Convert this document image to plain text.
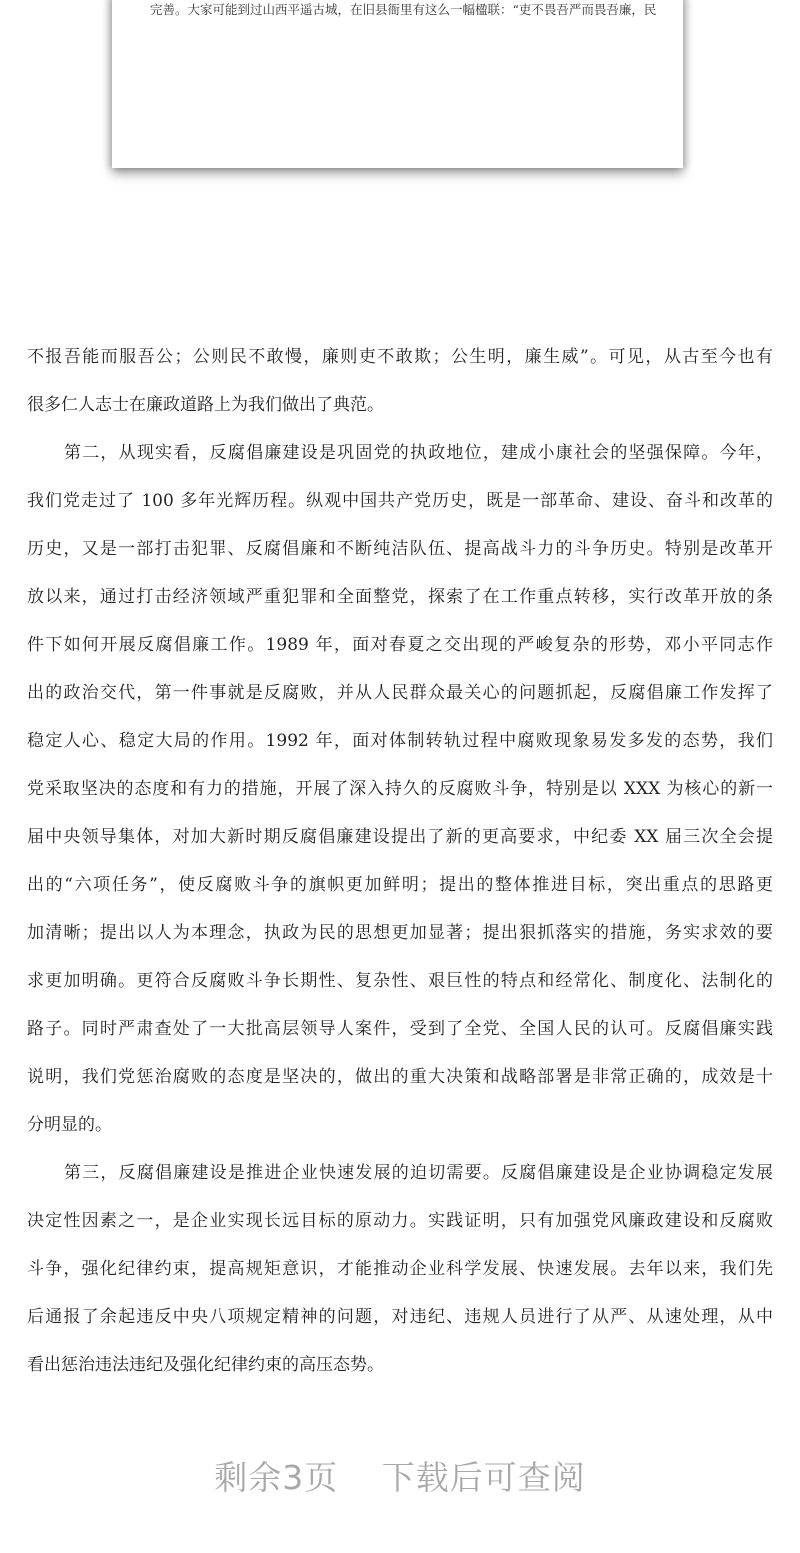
完善。大家可能到过山西平遥古城，在旧县衙里有这么一幅楹联：“吏不畏吾严而畏吾廉，民
不报吾能而服吾公；公则民不敢慢，廉则吏不敢欺；公生明，廉生威”。可见，从古至今也有
很多仁人志士在廉政道路上为我们做出了典范。
第二，从现实看，反腐倡廉建设是巩固党的执政地位，建成小康社会的坚强保障。今年，
我们党走过了 100 多年光辉历程。纵观中国共产党历史，既是一部革命、建设、奋斗和改革的
历史，又是一部打击犯罪、反腐倡廉和不断纯洁队伍、提高战斗力的斗争历史。特别是改革开
放以来，通过打击经济领域严重犯罪和全面整党，探索了在工作重点转移，实行改革开放的条
件下如何开展反腐倡廉工作。1989 年，面对春夏之交出现的严峻复杂的形势，邓小平同志作
出的政治交代，第一件事就是反腐败，并从人民群众最关心的问题抓起，反腐倡廉工作发挥了
稳定人心、稳定大局的作用。1992 年，面对体制转轨过程中腐败现象易发多发的态势，我们
党采取坚决的态度和有力的措施，开展了深入持久的反腐败斗争，特别是以 XXX 为核心的新一
届中央领导集体，对加大新时期反腐倡廉建设提出了新的更高要求，中纪委 XX 届三次全会提
出的“六项任务”，使反腐败斗争的旗帜更加鲜明；提出的整体推进目标，突出重点的思路更
加清晰；提出以人为本理念，执政为民的思想更加显著；提出狠抓落实的措施，务实求效的要
求更加明确。更符合反腐败斗争长期性、复杂性、艰巨性的特点和经常化、制度化、法制化的
路子。同时严肃查处了一大批高层领导人案件，受到了全党、全国人民的认可。反腐倡廉实践
说明，我们党惩治腐败的态度是坚决的，做出的重大决策和战略部署是非常正确的，成效是十
分明显的。
第三，反腐倡廉建设是推进企业快速发展的迫切需要。反腐倡廉建设是企业协调稳定发展
决定性因素之一，是企业实现长远目标的原动力。实践证明，只有加强党风廉政建设和反腐败
斗争，强化纪律约束，提高规矩意识，才能推动企业科学发展、快速发展。去年以来，我们先
后通报了余起违反中央八项规定精神的问题，对违纪、违规人员进行了从严、从速处理，从中
看出惩治违法违纪及强化纪律约束的高压态势。
剩余3页 下载后可查阅
